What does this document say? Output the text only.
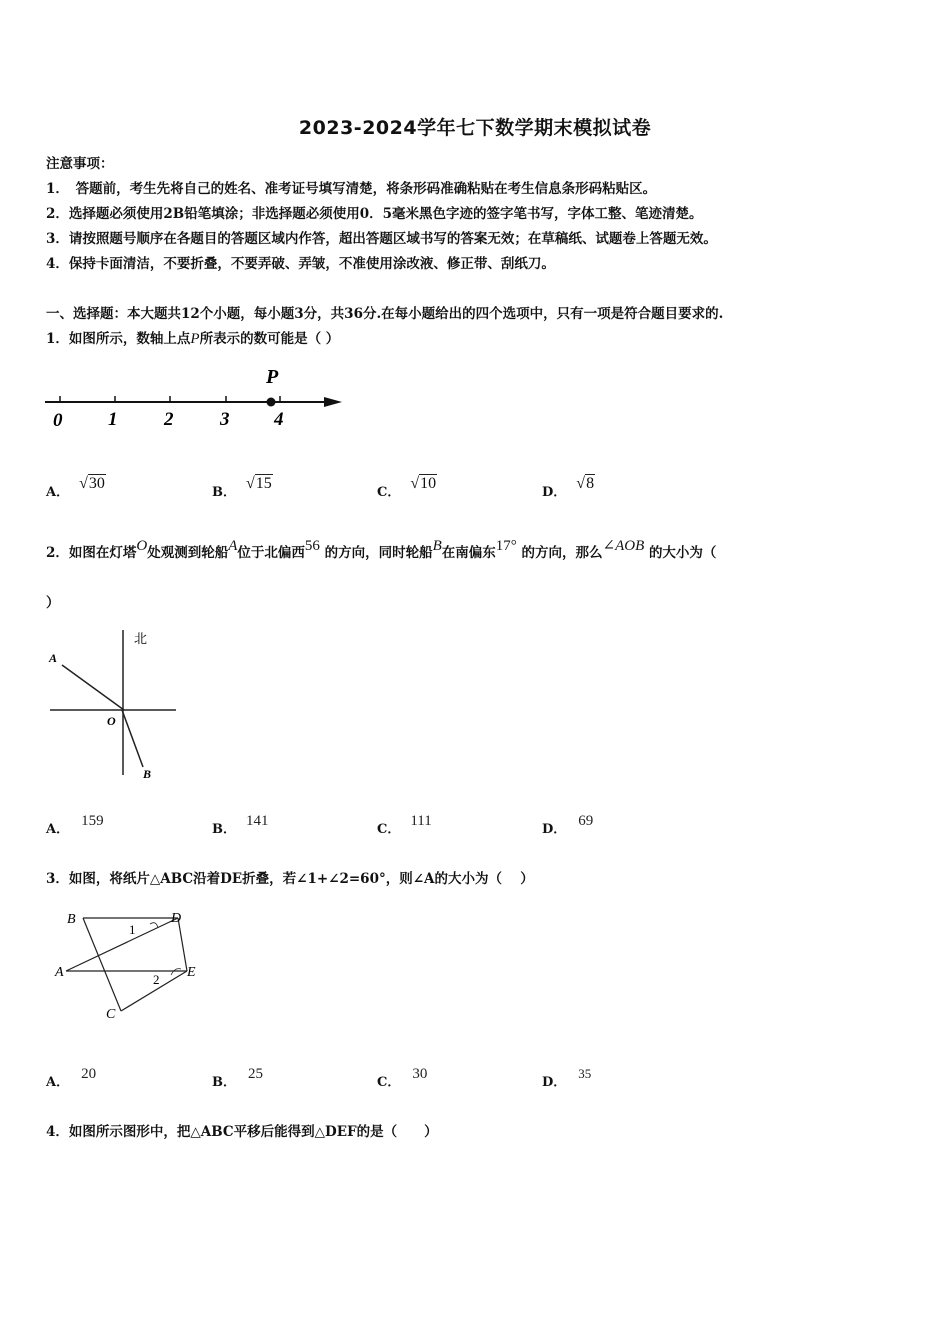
2023-2024学年七下数学期末模拟试卷
注意事项：
1．　答题前，考生先将自己的姓名、准考证号填写清楚，将条形码准确粘贴在考生信息条形码粘贴区。
2．选择题必须使用2B铅笔填涂；非选择题必须使用0．5毫米黑色字迹的签字笔书写，字体工整、笔迹清楚。
3．请按照题号顺序在各题目的答题区域内作答，超出答题区域书写的答案无效；在草稿纸、试题卷上答题无效。
4．保持卡面清洁，不要折叠，不要弄破、弄皱，不准使用涂改液、修正带、刮纸刀。
一、选择题：本大题共12个小题，每小题3分，共36分.在每小题给出的四个选项中，只有一项是符合题目要求的.
1．如图所示，数轴上点P所表示的数可能是（ ）
P
0 1 2 3 4
A．√30
B．√15
C．√10
D．√8
2．如图在灯塔O处观测到轮船A位于北偏西56 的方向，同时轮船B在南偏东17° 的方向，那么∠AOB 的大小为（
）
北
A
O
B
A．159
B．141
C．111
D．69
3．如图，将纸片△ABC沿着DE折叠，若∠1+∠2=60°，则∠A的大小为（　 ）
B	D
A	E
C
1
2
A．20
B．25
C．30
D．35
4．如图所示图形中，把△ABC平移后能得到△DEF的是（　　）
